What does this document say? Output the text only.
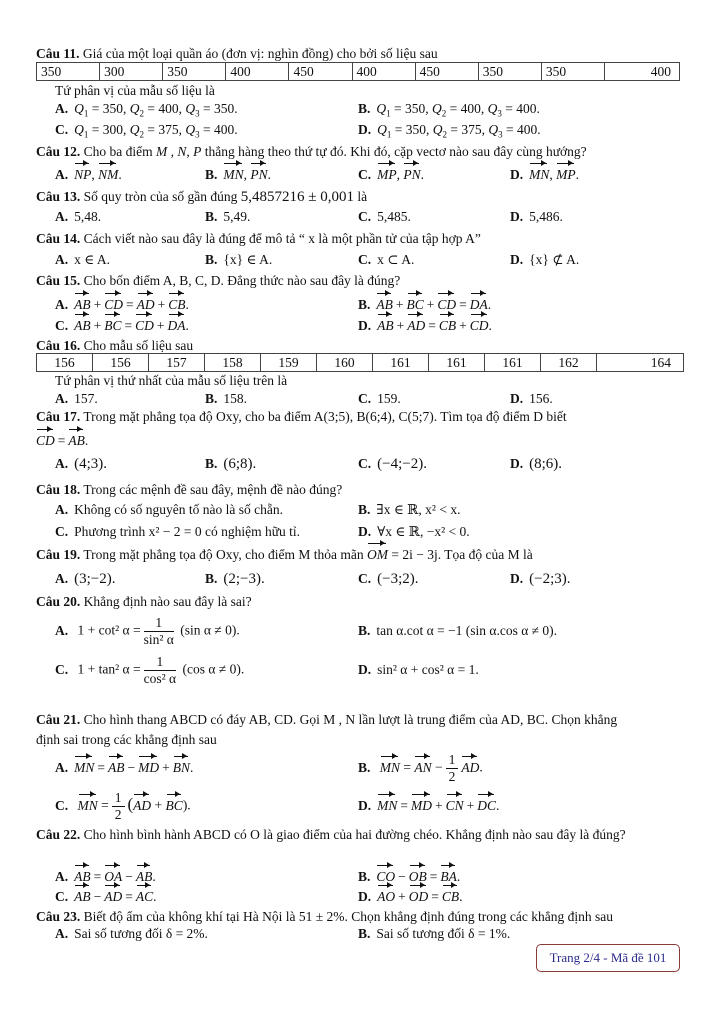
Câu 11. Giá của một loại quần áo (đơn vị: nghìn đồng) cho bởi số liệu sau
350	300	350	400	450	400	450	350	350	400
Tứ phân vị của mẫu số liệu là
A. $Q_1 = 350$, $Q_2 = 400$, $Q_3 = 350$.	B. $Q_1 = 350$, $Q_2 = 400$, $Q_3 = 400$.
C. $Q_1 = 300$, $Q_2 = 375$, $Q_3 = 400$.	D. $Q_1 = 350$, $Q_2 = 375$, $Q_3 = 400$.
Câu 12. Cho ba điểm M , N, P thẳng hàng theo thứ tự đó. Khi đó, cặp vectơ nào sau đây cùng hướng?
A. NP, NM.	B. MN, PN.	C. MP, PN.	D. MN, MP.
Câu 13. Số quy tròn của số gần đúng 5,4857216 ± 0,001 là
A. 5,48.	B. 5,49.	C. 5,485.	D. 5,486.
Câu 14. Cách viết nào sau đây là đúng để mô tả “ x là một phần tử của tập hợp A”
A. x ∈ A.	B. {x} ∈ A.	C. x ⊂ A.	D. {x} ⊄ A.
Câu 15. Cho bốn điểm A, B, C, D. Đẳng thức nào sau đây là đúng?
A. AB + CD = AD + CB.	B. AB + BC + CD = DA.
C. AB + BC = CD + DA.	D. AB + AD = CB + CD.
Câu 16. Cho mẫu số liệu sau
156	156	157	158	159	160	161	161	161	162	164
Tứ phân vị thứ nhất của mẫu số liệu trên là
A. 157.	B. 158.	C. 159.	D. 156.
Câu 17. Trong mặt phẳng tọa độ Oxy, cho ba điểm A(3;5), B(6;4), C(5;7). Tìm tọa độ điểm D biết
CD = AB.
A. (4;3).	B. (6;8).	C. (−4;−2).	D. (8;6).
Câu 18. Trong các mệnh đề sau đây, mệnh đề nào đúng?
A. Không có số nguyên tố nào là số chẵn.	B. ∃x ∈ ℝ, x² < x.
C. Phương trình x² − 2 = 0 có nghiệm hữu tỉ.	D. ∀x ∈ ℝ, −x² < 0.
Câu 19. Trong mặt phẳng tọa độ Oxy, cho điểm M thỏa mãn OM = 2i − 3j. Tọa độ của M là
A. (3;−2).	B. (2;−3).	C. (−3;2).	D. (−2;3).
Câu 20. Khẳng định nào sau đây là sai?
A. 1 + cot² $\alpha = \frac{1}{\text{sin² α}} (\sin$ α ≠ 0).	B. tan α.cot α = −1 (sin α.cos α ≠ 0).
C. 1 + tan² $\alpha = \frac{1}{\text{cos² α}} (\cos$ α ≠ 0).	D. sin² α + cos² α = 1.
Câu 21. Cho hình thang ABCD có đáy AB, CD. Gọi M , N lần lượt là trung điểm của AD, BC. Chọn khẳng
định sai trong các khẳng định sau
A. MN = AB − MD + BN.	B. MN = AN − $\frac{1}{2}$ AD.
C. MN = $\frac{1}{2} (AD + BC)$.	D. MN = MD + CN + DC.
Câu 22. Cho hình bình hành ABCD có O là giao điểm của hai đường chéo. Khẳng định nào sau đây là đúng?
A. AB = OA − AB.	B. CO − OB = BA.
C. AB − AD = AC.	D. AO + OD = CB.
Câu 23. Biết độ ẩm của không khí tại Hà Nội là 51 ± 2%. Chọn khẳng định đúng trong các khẳng định sau
A. Sai số tương đối δ = 2%.	B. Sai số tương đối δ = 1%.
Trang 2/4 - Mã đề 101
